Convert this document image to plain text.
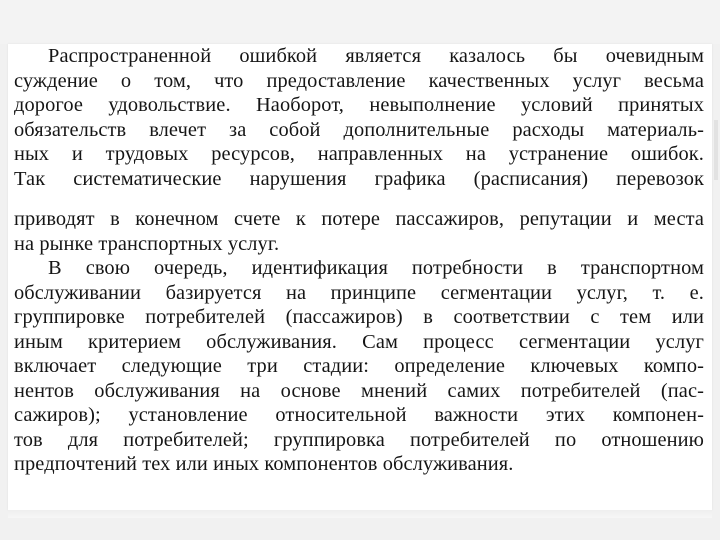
Распространенной ошибкой является казалось бы очевидным
суждение о том, что предоставление качественных услуг весьма
дорогое удовольствие. Наоборот, невыполнение условий принятых
обязательств влечет за собой дополнительные расходы материаль-
ных и трудовых ресурсов, направленных на устранение ошибок.
Так систематические нарушения графика (расписания) перевозок
приводят в конечном счете к потере пассажиров, репутации и места
на рынке транспортных услуг.
В свою очередь, идентификация потребности в транспортном
обслуживании базируется на принципе сегментации услуг, т. е.
группировке потребителей (пассажиров) в соответствии с тем или
иным критерием обслуживания. Сам процесс сегментации услуг
включает следующие три стадии: определение ключевых компо-
нентов обслуживания на основе мнений самих потребителей (пас-
сажиров); установление относительной важности этих компонен-
тов для потребителей; группировка потребителей по отношению
предпочтений тех или иных компонентов обслуживания.
